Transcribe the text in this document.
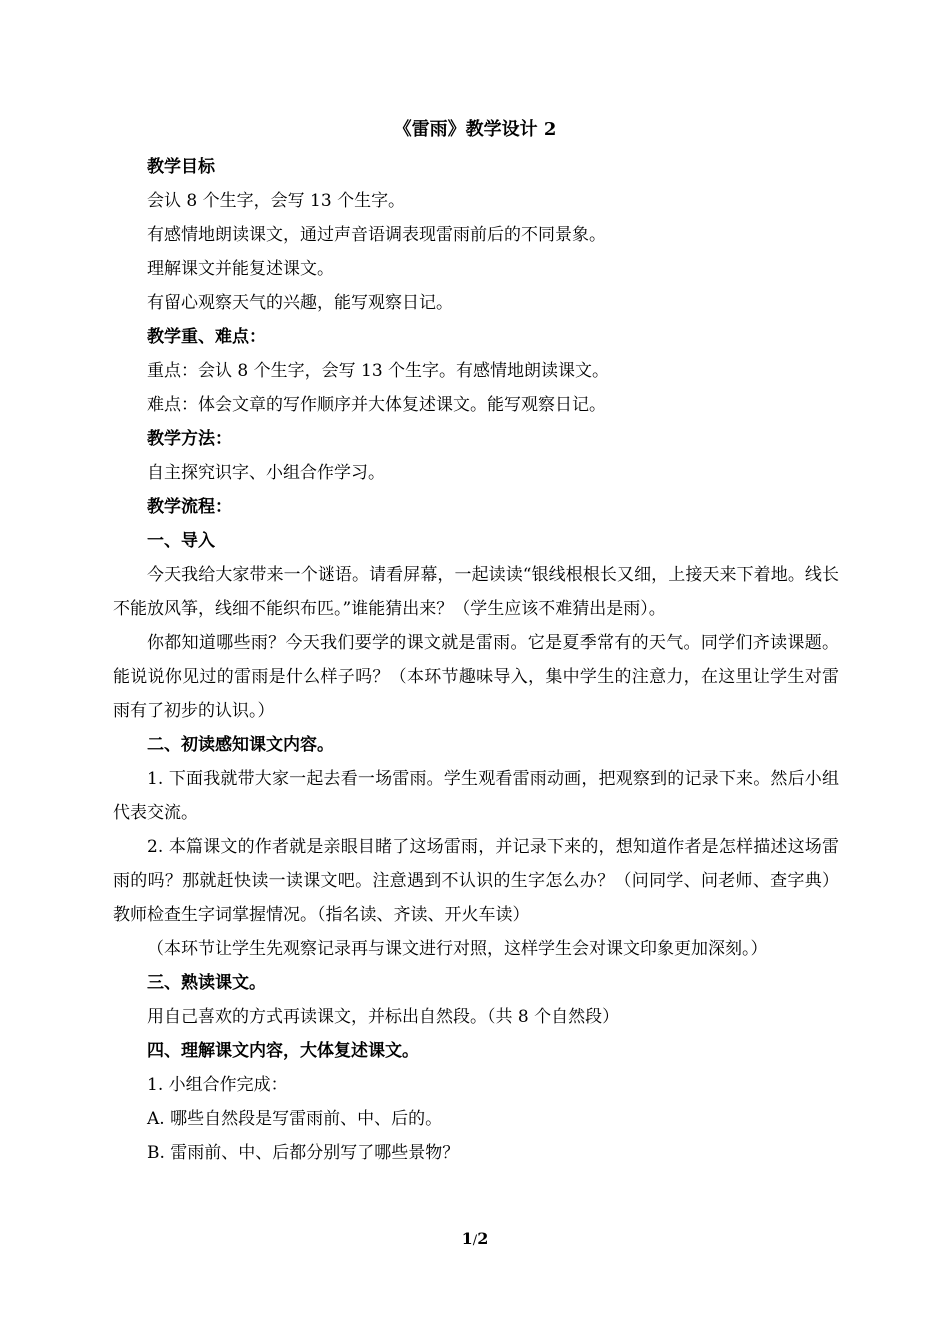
《雷雨》教学设计 2
教学目标
会认 8 个生字，会写 13 个生字。
有感情地朗读课文，通过声音语调表现雷雨前后的不同景象。
理解课文并能复述课文。
有留心观察天气的兴趣，能写观察日记。
教学重、难点：
重点：会认 8 个生字，会写 13 个生字。有感情地朗读课文。
难点：体会文章的写作顺序并大体复述课文。能写观察日记。
教学方法：
自主探究识字、小组合作学习。
教学流程：
一、导入
今天我给大家带来一个谜语。请看屏幕，一起读读“银线根根长又细，上接天来下着地。线长不能放风筝，线细不能织布匹。”谁能猜出来？（学生应该不难猜出是雨）。
你都知道哪些雨？今天我们要学的课文就是雷雨。它是夏季常有的天气。同学们齐读课题。能说说你见过的雷雨是什么样子吗？（本环节趣味导入，集中学生的注意力，在这里让学生对雷雨有了初步的认识。）
二、初读感知课文内容。
1. 下面我就带大家一起去看一场雷雨。学生观看雷雨动画，把观察到的记录下来。然后小组代表交流。
2. 本篇课文的作者就是亲眼目睹了这场雷雨，并记录下来的，想知道作者是怎样描述这场雷雨的吗？那就赶快读一读课文吧。注意遇到不认识的生字怎么办？（问同学、问老师、查字典）教师检查生字词掌握情况。（指名读、齐读、开火车读）
（本环节让学生先观察记录再与课文进行对照，这样学生会对课文印象更加深刻。）
三、熟读课文。
用自己喜欢的方式再读课文，并标出自然段。（共 8 个自然段）
四、理解课文内容，大体复述课文。
1. 小组合作完成：
A. 哪些自然段是写雷雨前、中、后的。
B. 雷雨前、中、后都分别写了哪些景物？
1/2
